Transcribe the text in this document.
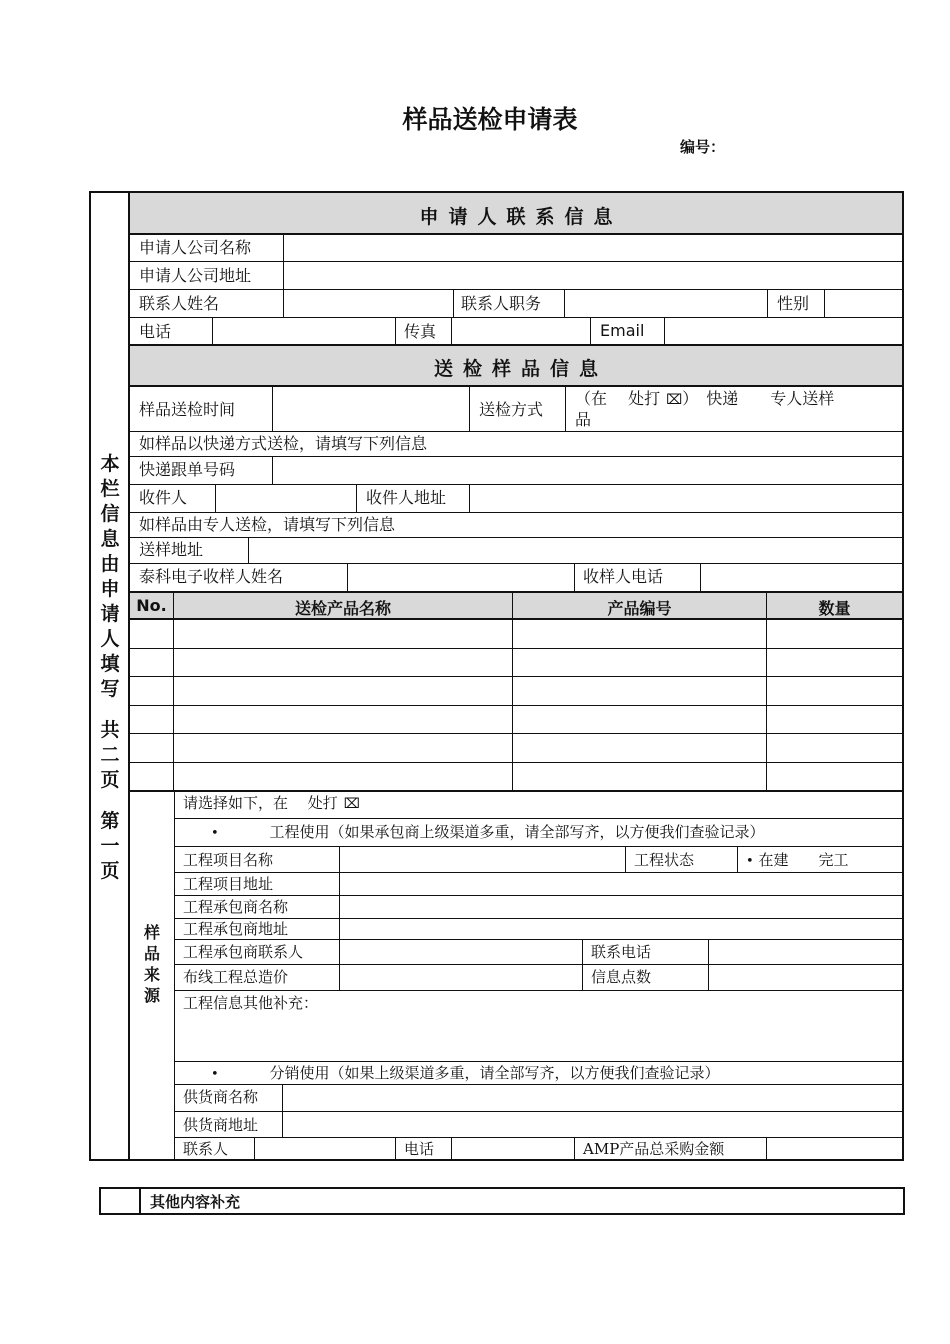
样品送检申请表
编号：
本
栏
信
息
由
申
请
人
填
写
共
二
页
第
一
页
申请人联系信息
申请人公司名称
申请人公司地址
联系人姓名	联系人职务	性别
电话	传真	Email
送检样品信息
样品送检时间	送检方式
（在　 处打 ⌧）　快递　　专人送样
品
如样品以快递方式送检，请填写下列信息
快递跟单号码
收件人	收件人地址
如样品由专人送检，请填写下列信息
送样地址
泰科电子收样人姓名	收样人电话
No.	送检产品名称	产品编号	数量
样
品
来
源
请选择如下，在　 处打 ⌧
•	工程使用（如果承包商上级渠道多重，请全部写齐，以方便我们查验记录）
工程项目名称	工程状态	• 在建　　完工
工程项目地址
工程承包商名称
工程承包商地址
工程承包商联系人	联系电话
布线工程总造价	信息点数
工程信息其他补充：
•	分销使用（如果上级渠道多重，请全部写齐，以方便我们查验记录）
供货商名称
供货商地址
联系人	电话	AMP产品总采购金额
其他内容补充
